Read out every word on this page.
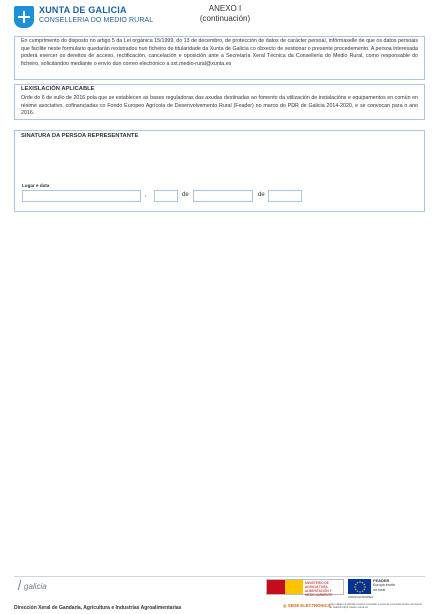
XUNTA DE GALICIA
CONSELLERIA DO MEDIO RURAL
ANEXO I
(continuación)
En cumprimento do disposto no artigo 5 da Lei orgánica 15/1999, do 13 de decembro, de protección de datos de carácter persoal, infórmaselle de que os datos persoais que facilite neste formulario quedarán rexistrados nun ficheiro de titularidade da Xunta de Galicia co obxecto de xestionar o presente procedemento. A persoa interesada poderá exercer os dereitos de acceso, rectificación, cancelación e oposición ante a Secretaría Xeral Técnica da Consellería do Medio Rural, como responsable do ficheiro, solicitándoo mediante o envío dun correo electrónico a sxt.medio-rural@xunta.es
LEXISLACIÓN APLICABLE
Orde do 6 de xullo de 2016 pola que se establecen as bases reguladoras das axudas destinadas ao fomento da utilización de instalacións e equipamentos en común en réxime asociativo, cofinanciadas co Fondo Europeo Agrícola de Desenvolvemento Rural (Feader) no marco do PDR de Galicia 2014-2020, e se convocan para o ano 2016.
SINATURA DA PERSOA REPRESENTANTE
Lugar e data
,	de	de
galicia	MINISTERIO DE AGRICULTURA, ALIMENTACIÓN Y MEDIO AMBIENTE	UNIÓN EUROPEA
FEADER
Europa invirte
no rural
Dirección Xeral de Gandaría, Agricultura e Industrias Agroalimentarias	◎ SEDE ELECTRÓNICA
Ante calquera dúbida poderá consultar a guía de procedementos da Xunta de Galicia https://sede.xunta.es
